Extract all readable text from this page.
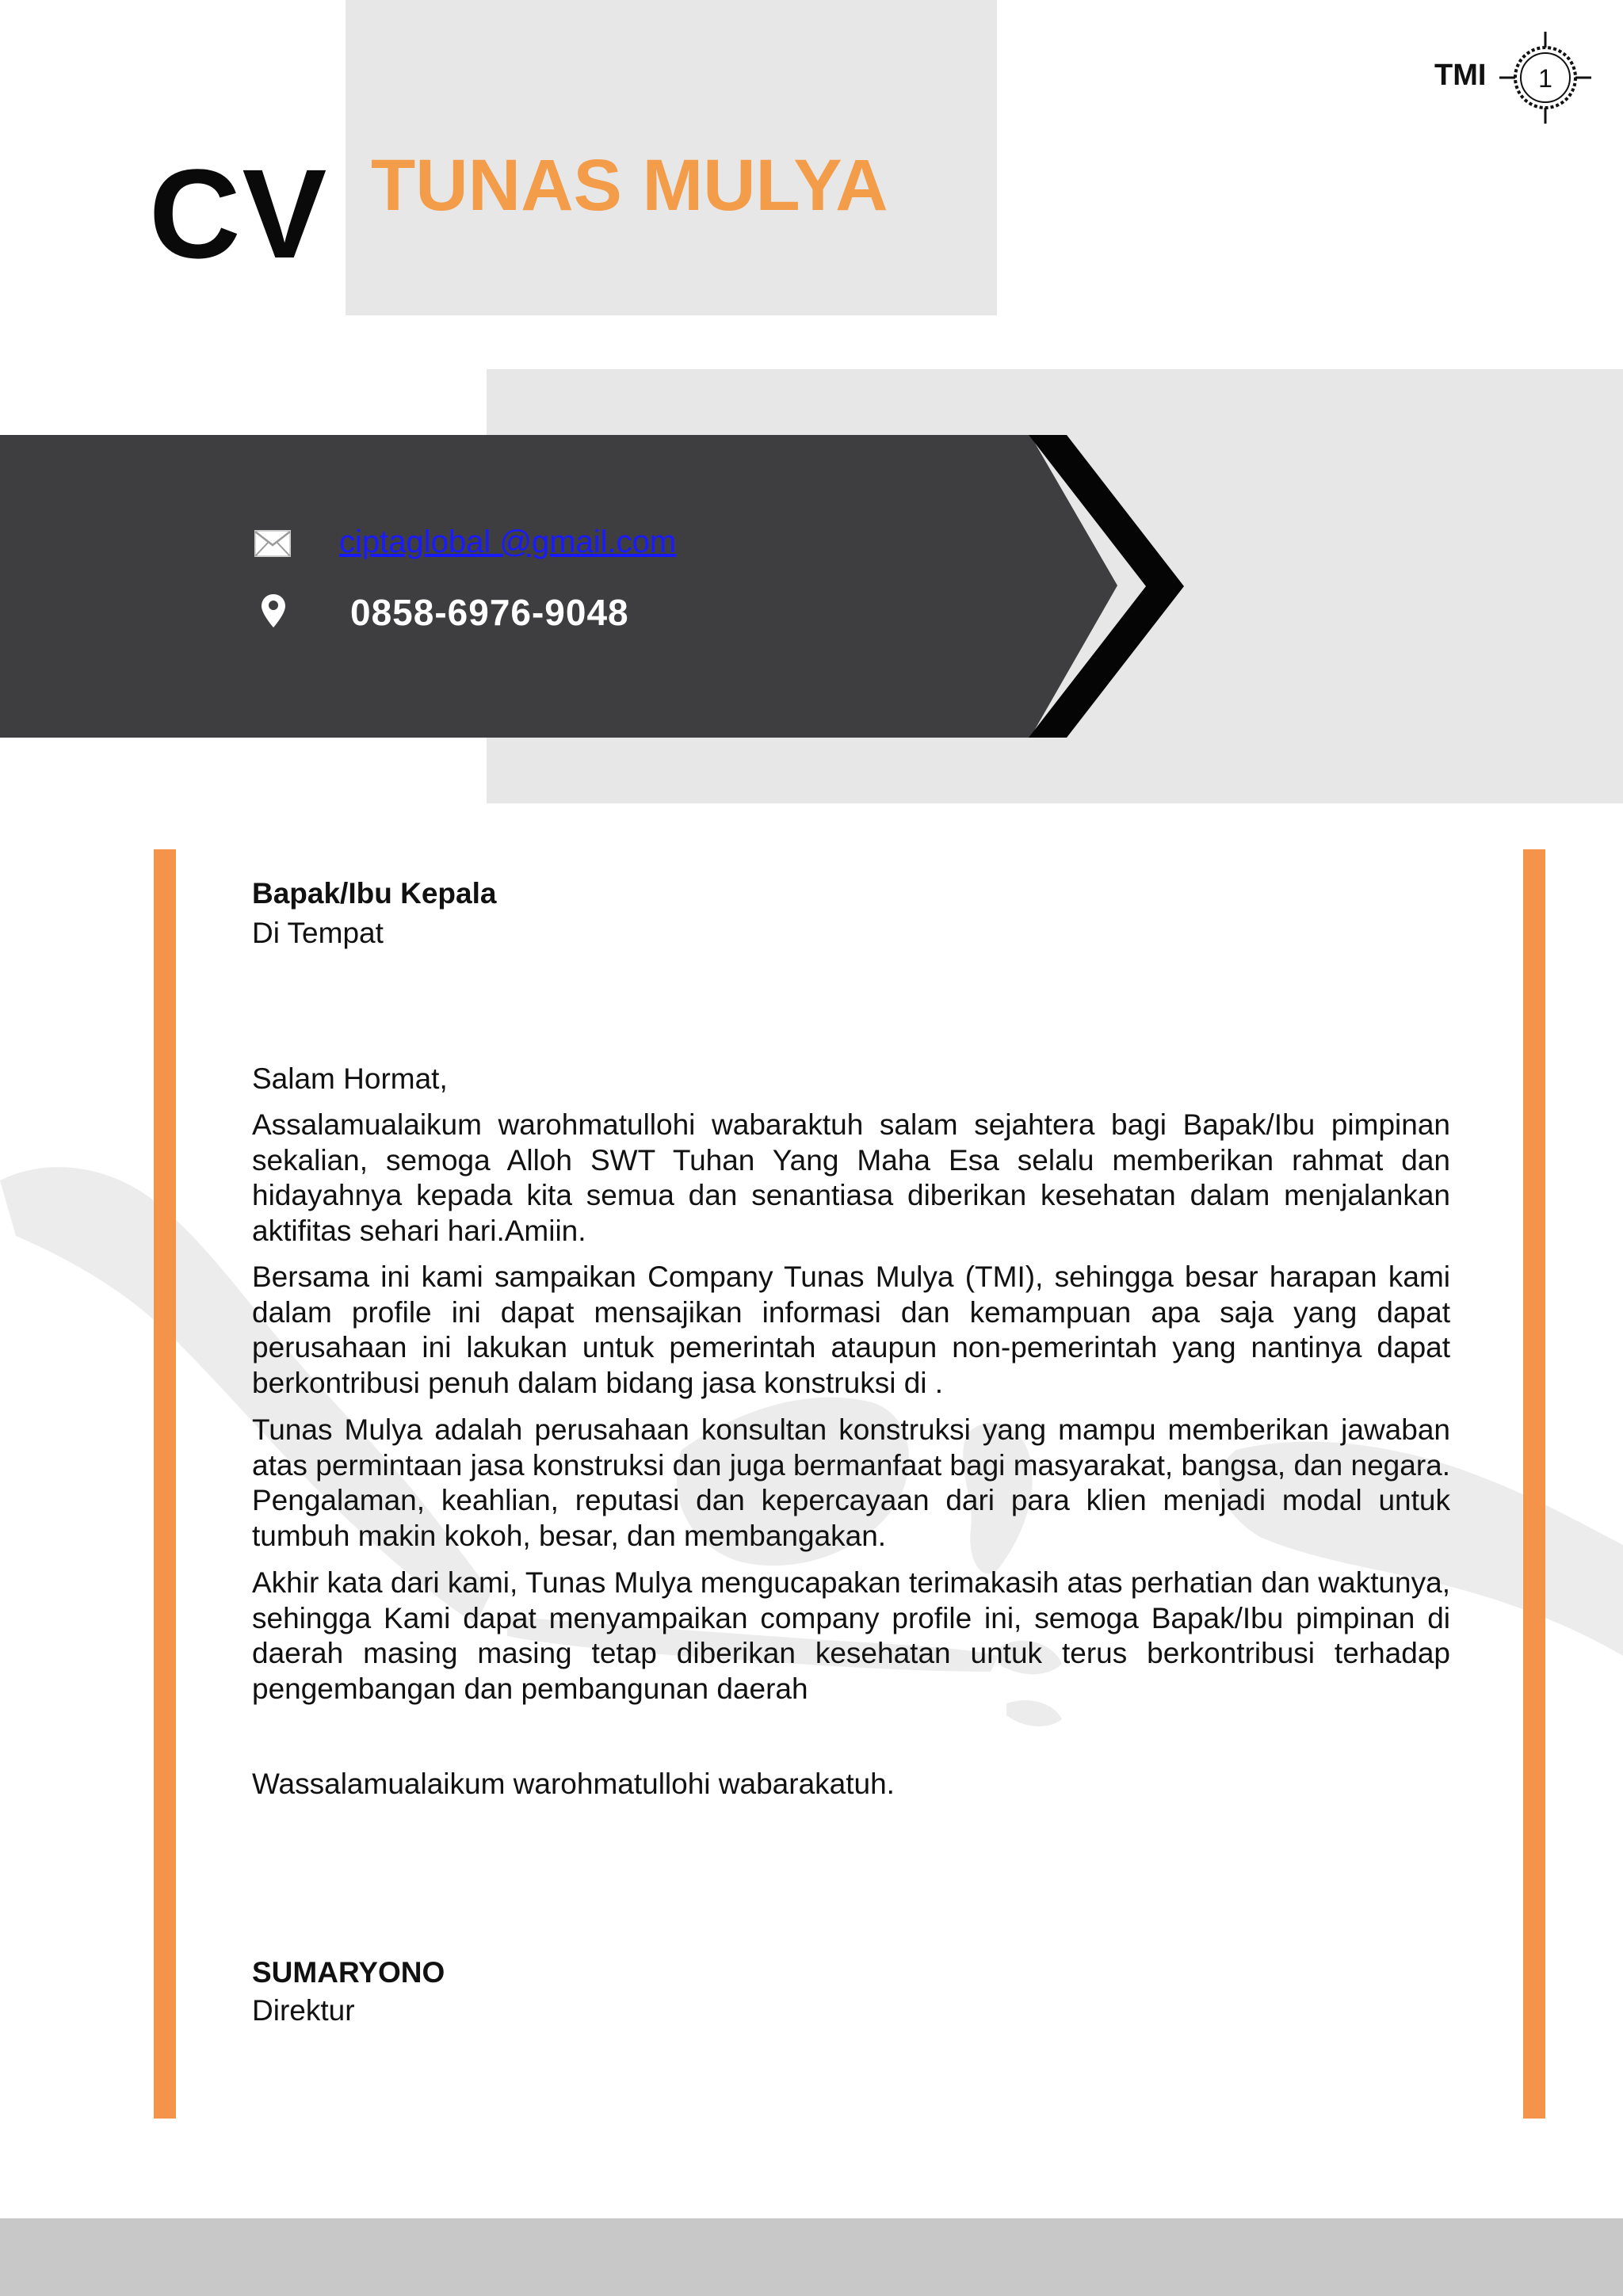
CV TUNAS MULYA
TMI 1
ciptaglobal @gmail.com
0858-6976-9048
Bapak/Ibu Kepala
Di Tempat
Salam Hormat,
Assalamualaikum warohmatullohi wabaraktuh salam sejahtera bagi Bapak/Ibu pimpinan sekalian, semoga Alloh SWT Tuhan Yang Maha Esa selalu memberikan rahmat dan hidayahnya kepada kita semua dan senantiasa diberikan kesehatan dalam menjalankan aktifitas sehari hari.Amiin.
Bersama ini kami sampaikan Company Tunas Mulya (TMI), sehingga besar harapan kami dalam proﬁle ini dapat mensajikan informasi dan kemampuan apa saja yang dapat perusahaan ini lakukan untuk pemerintah ataupun non-pemerintah yang nantinya dapat berkontribusi penuh dalam bidang jasa konstruksi di .
Tunas Mulya adalah perusahaan konsultan konstruksi yang mampu memberikan jawaban atas permintaan jasa konstruksi dan juga bermanfaat bagi masyarakat, bangsa, dan negara. Pengalaman, keahlian, reputasi dan kepercayaan dari para klien menjadi modal untuk tumbuh makin kokoh, besar, dan membangakan.
Akhir kata dari kami, Tunas Mulya mengucapakan terimakasih atas perhatian dan waktunya, sehingga Kami dapat menyampaikan company proﬁle ini, semoga Bapak/Ibu pimpinan di daerah masing masing tetap diberikan kesehatan untuk terus berkontribusi terhadap pengembangan dan pembangunan daerah
Wassalamualaikum warohmatullohi wabarakatuh.
SUMARYONO
Direktur
